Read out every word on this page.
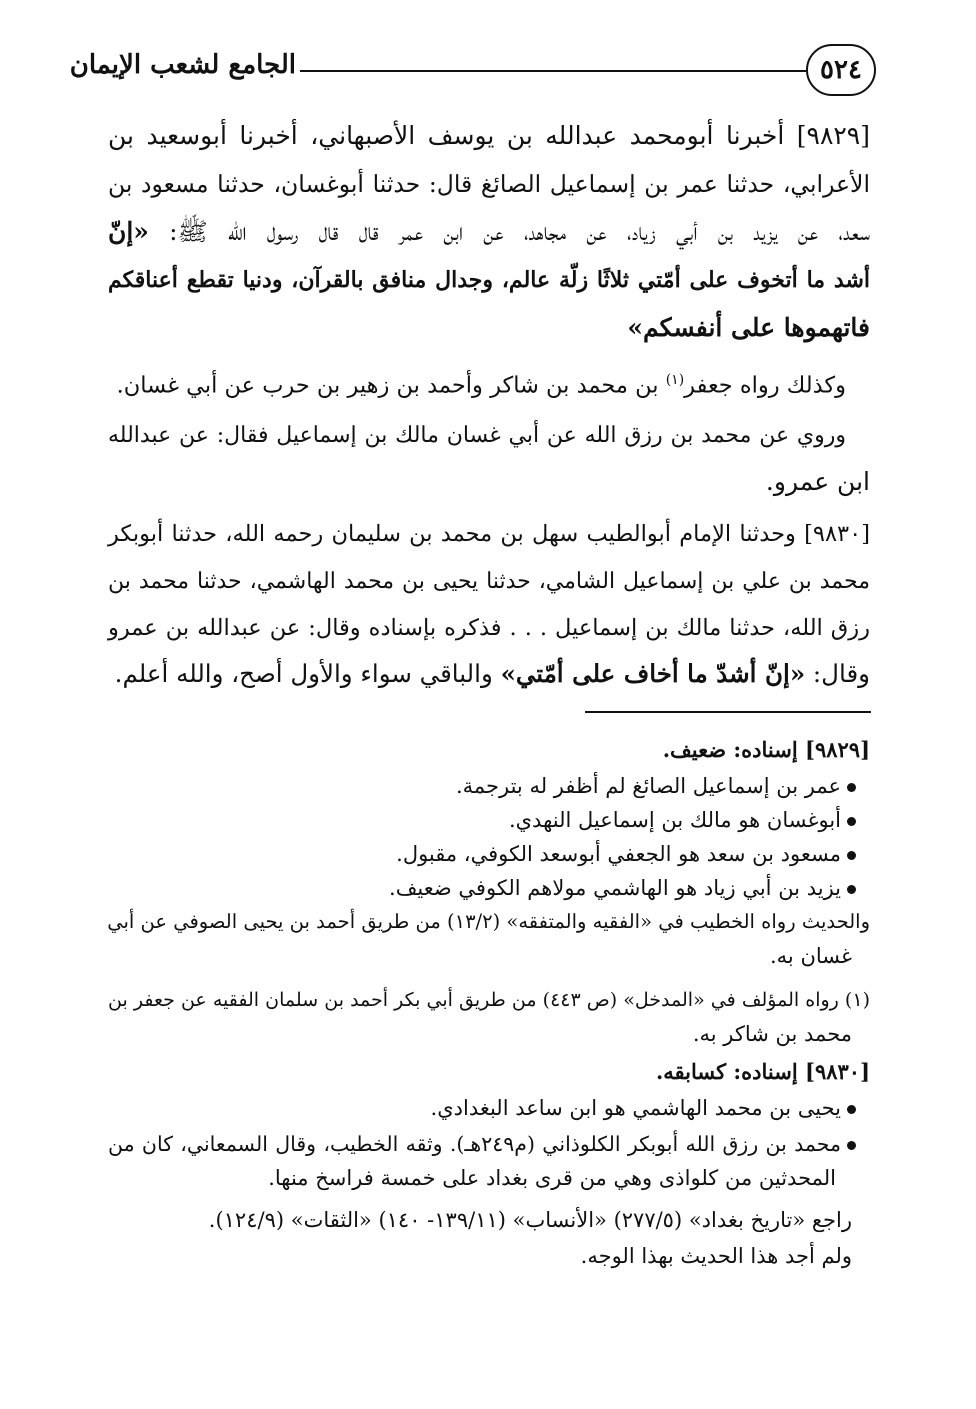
٥٢٤
الجامع لشعب الإيمان
[٩٨٢٩] أخبرنا أبومحمد عبدالله بن يوسف الأصبهاني، أخبرنا أبوسعيد بن
الأعرابي، حدثنا عمر بن إسماعيل الصائغ قال: حدثنا أبوغسان، حدثنا مسعود بن
سعد، عن يزيد بن أبي زياد، عن مجاهد، عن ابن عمر قال قال رسول الله ﷺ: «إنّ
أشد ما أتخوف على أمّتي ثلاثًا زلّة عالم، وجدال منافق بالقرآن، ودنيا تقطع أعناقكم
فاتهموها على أنفسكم»
وكذلك رواه جعفر$^{(١)}$ بن محمد بن شاكر وأحمد بن زهير بن حرب عن أبي غسان.
وروي عن محمد بن رزق الله عن أبي غسان مالك بن إسماعيل فقال: عن عبدالله
ابن عمرو.
[٩٨٣٠] وحدثنا الإمام أبوالطيب سهل بن محمد بن سليمان رحمه الله، حدثنا أبوبكر
محمد بن علي بن إسماعيل الشامي، حدثنا يحيى بن محمد الهاشمي، حدثنا محمد بن
رزق الله، حدثنا مالك بن إسماعيل . . . فذكره بإسناده وقال: عن عبدالله بن عمرو
وقال: «إنّ أشدّ ما أخاف على أمّتي» والباقي سواء والأول أصح، والله أعلم.
[٩٨٢٩] إسناده: ضعيف.
عمر بن إسماعيل الصائغ لم أظفر له بترجمة.
أبوغسان هو مالك بن إسماعيل النهدي.
مسعود بن سعد هو الجعفي أبوسعد الكوفي، مقبول.
يزيد بن أبي زياد هو الهاشمي مولاهم الكوفي ضعيف.
والحديث رواه الخطيب في «الفقيه والمتفقه» (١٣/٢) من طريق أحمد بن يحيى الصوفي عن أبي
غسان به.
(١) رواه المؤلف في «المدخل» (ص ٤٤٣) من طريق أبي بكر أحمد بن سلمان الفقيه عن جعفر بن
محمد بن شاكر به.
[٩٨٣٠] إسناده: كسابقه.
يحيى بن محمد الهاشمي هو ابن ساعد البغدادي.
محمد بن رزق الله أبوبكر الكلوذاني (م٢٤٩هـ). وثقه الخطيب، وقال السمعاني، كان من
المحدثين من كلواذى وهي من قرى بغداد على خمسة فراسخ منها.
راجع «تاريخ بغداد» (٢٧٧/٥) «الأنساب» (١٣٩/١١- ١٤٠) «الثقات» (١٢٤/٩).
ولم أجد هذا الحديث بهذا الوجه.
